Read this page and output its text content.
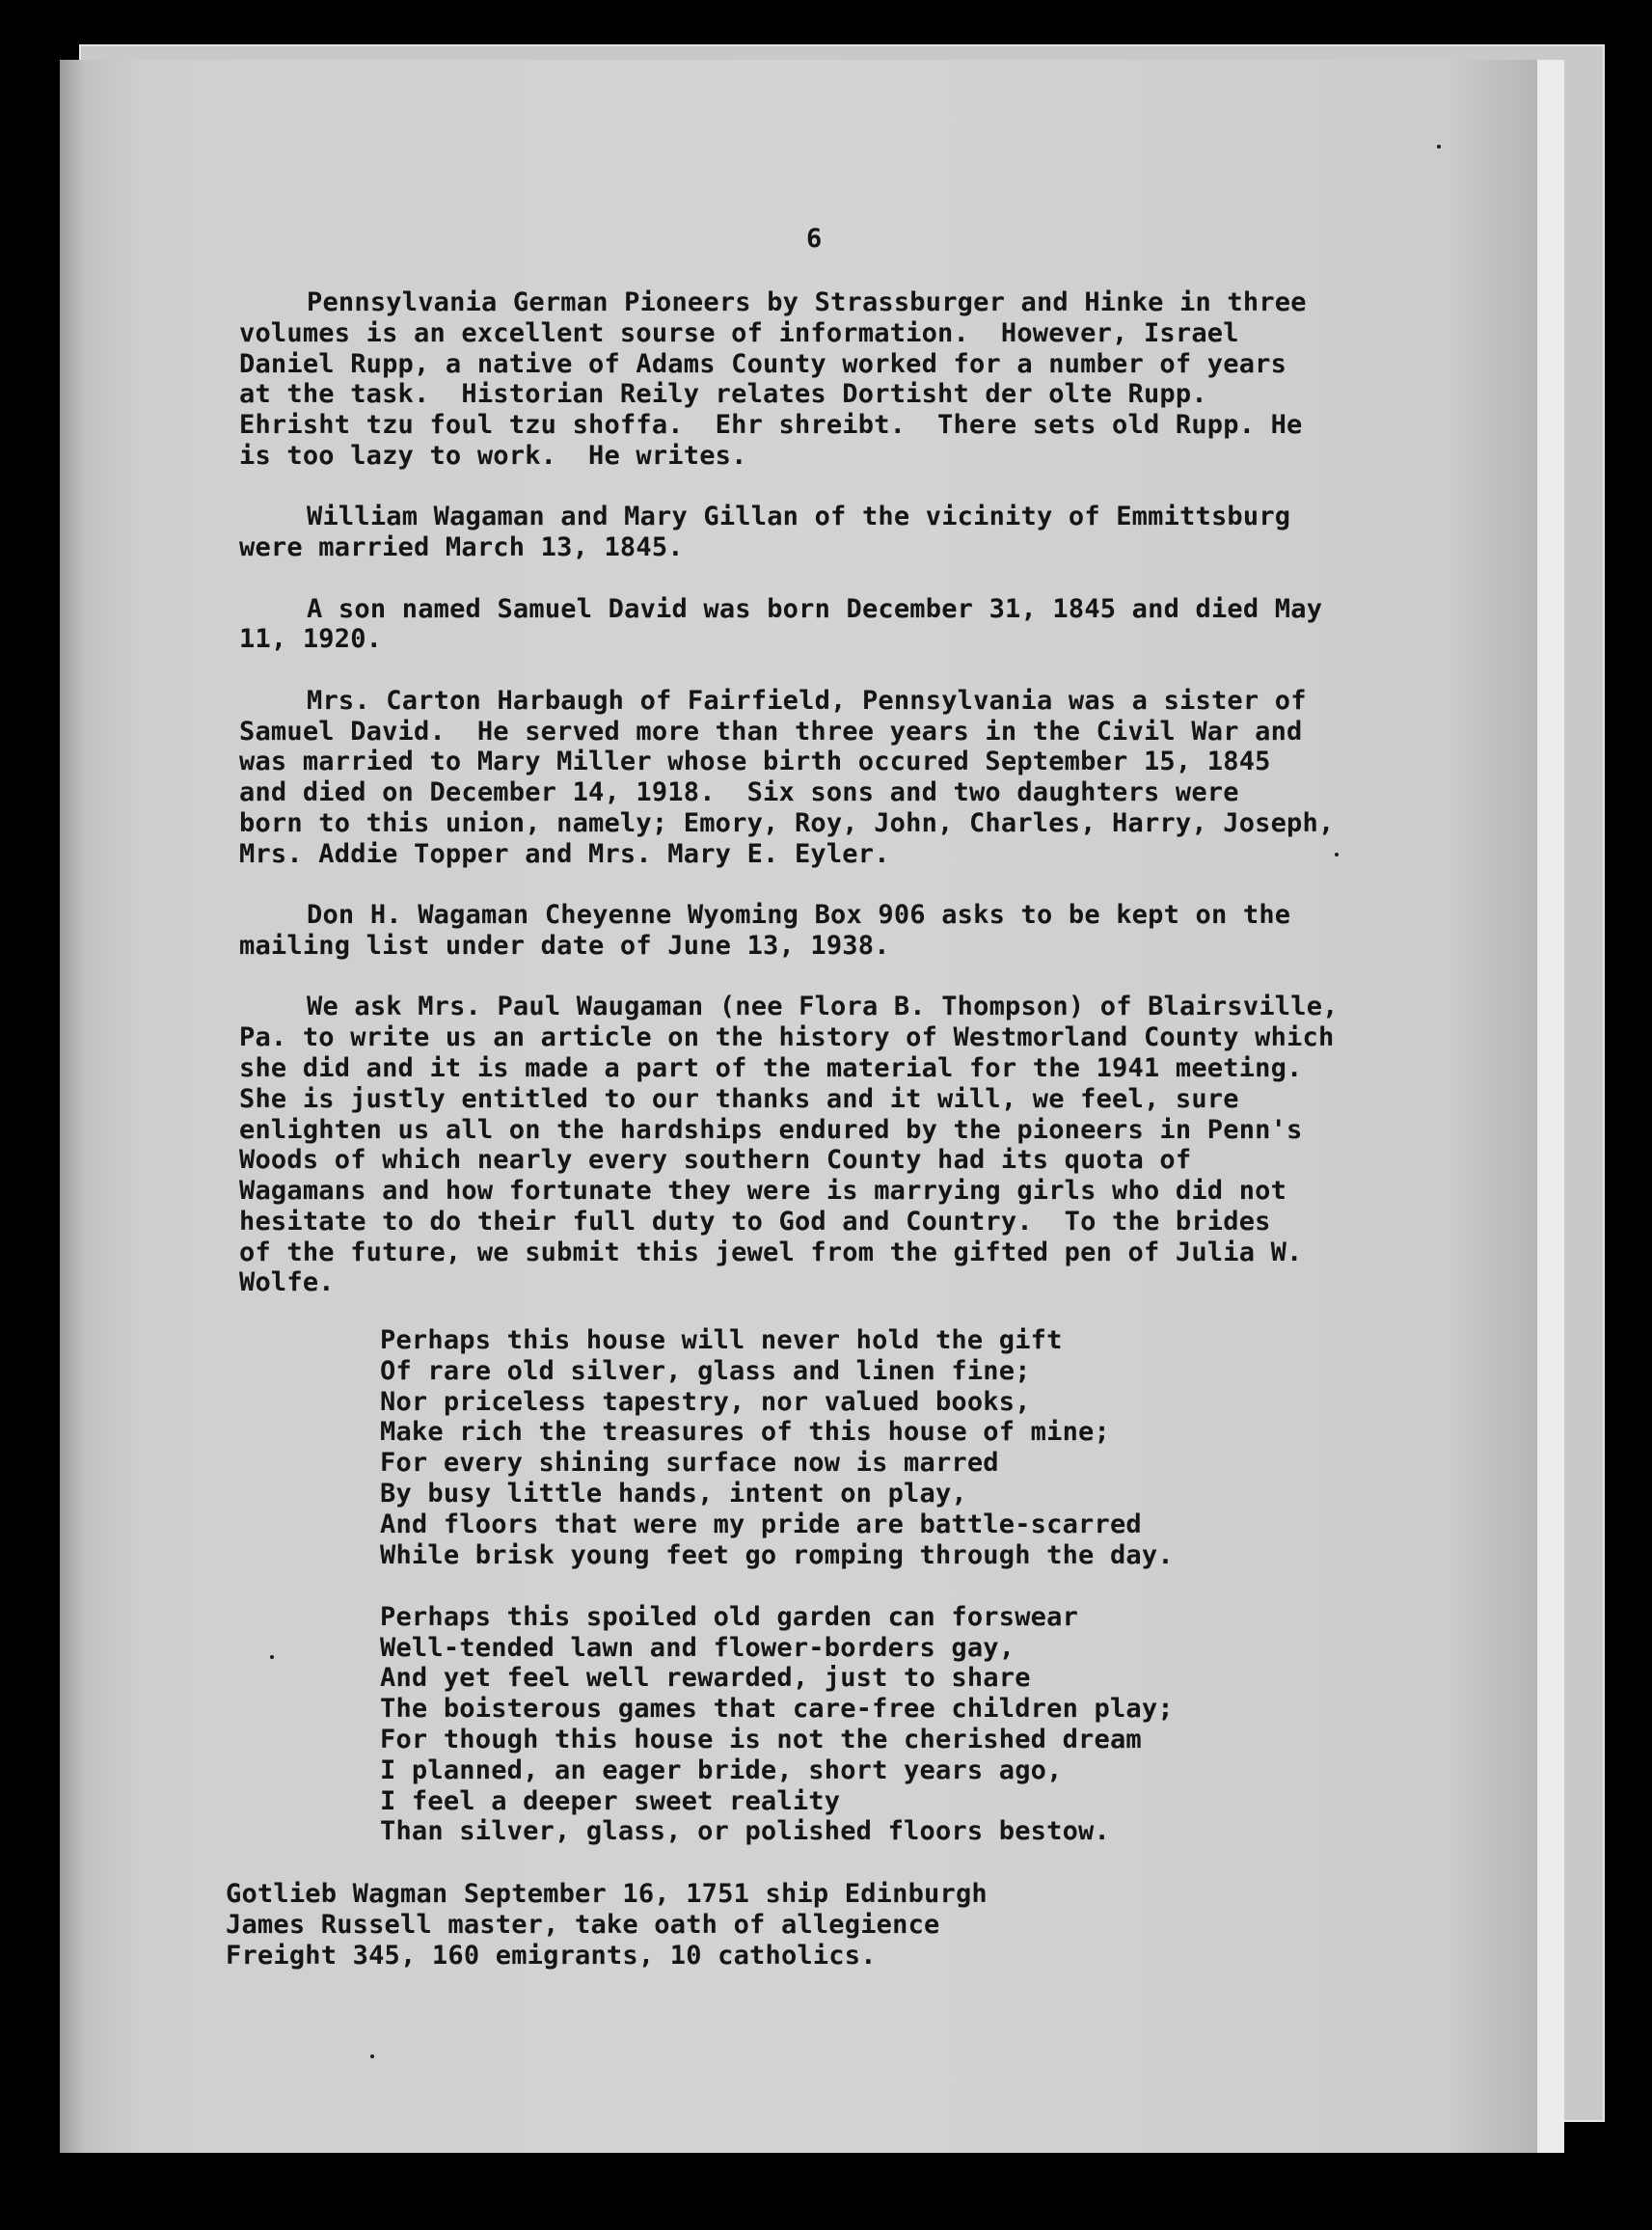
6

Pennsylvania German Pioneers by Strassburger and Hinke in three
volumes is an excellent sourse of information.  However, Israel
Daniel Rupp, a native of Adams County worked for a number of years
at the task.  Historian Reily relates Dortisht der olte Rupp.
Ehrisht tzu foul tzu shoffa.  Ehr shreibt.  There sets old Rupp. He
is too lazy to work.  He writes.
William Wagaman and Mary Gillan of the vicinity of Emmittsburg
were married March 13, 1845.
A son named Samuel David was born December 31, 1845 and died May
11, 1920.
Mrs. Carton Harbaugh of Fairfield, Pennsylvania was a sister of
Samuel David.  He served more than three years in the Civil War and
was married to Mary Miller whose birth occured September 15, 1845
and died on December 14, 1918.  Six sons and two daughters were
born to this union, namely; Emory, Roy, John, Charles, Harry, Joseph,
Mrs. Addie Topper and Mrs. Mary E. Eyler.
Don H. Wagaman Cheyenne Wyoming Box 906 asks to be kept on the
mailing list under date of June 13, 1938.
We ask Mrs. Paul Waugaman (nee Flora B. Thompson) of Blairsville,
Pa. to write us an article on the history of Westmorland County which
she did and it is made a part of the material for the 1941 meeting.
She is justly entitled to our thanks and it will, we feel, sure
enlighten us all on the hardships endured by the pioneers in Penn's
Woods of which nearly every southern County had its quota of
Wagamans and how fortunate they were is marrying girls who did not
hesitate to do their full duty to God and Country.  To the brides
of the future, we submit this jewel from the gifted pen of Julia W.
Wolfe.
Perhaps this house will never hold the gift
Of rare old silver, glass and linen fine;
Nor priceless tapestry, nor valued books,
Make rich the treasures of this house of mine;
For every shining surface now is marred
By busy little hands, intent on play,
And floors that were my pride are battle-scarred
While brisk young feet go romping through the day.
Perhaps this spoiled old garden can forswear
Well-tended lawn and flower-borders gay,
And yet feel well rewarded, just to share
The boisterous games that care-free children play;
For though this house is not the cherished dream
I planned, an eager bride, short years ago,
I feel a deeper sweet reality
Than silver, glass, or polished floors bestow.
Gotlieb Wagman September 16, 1751 ship Edinburgh
James Russell master, take oath of allegience
Freight 345, 160 emigrants, 10 catholics.
